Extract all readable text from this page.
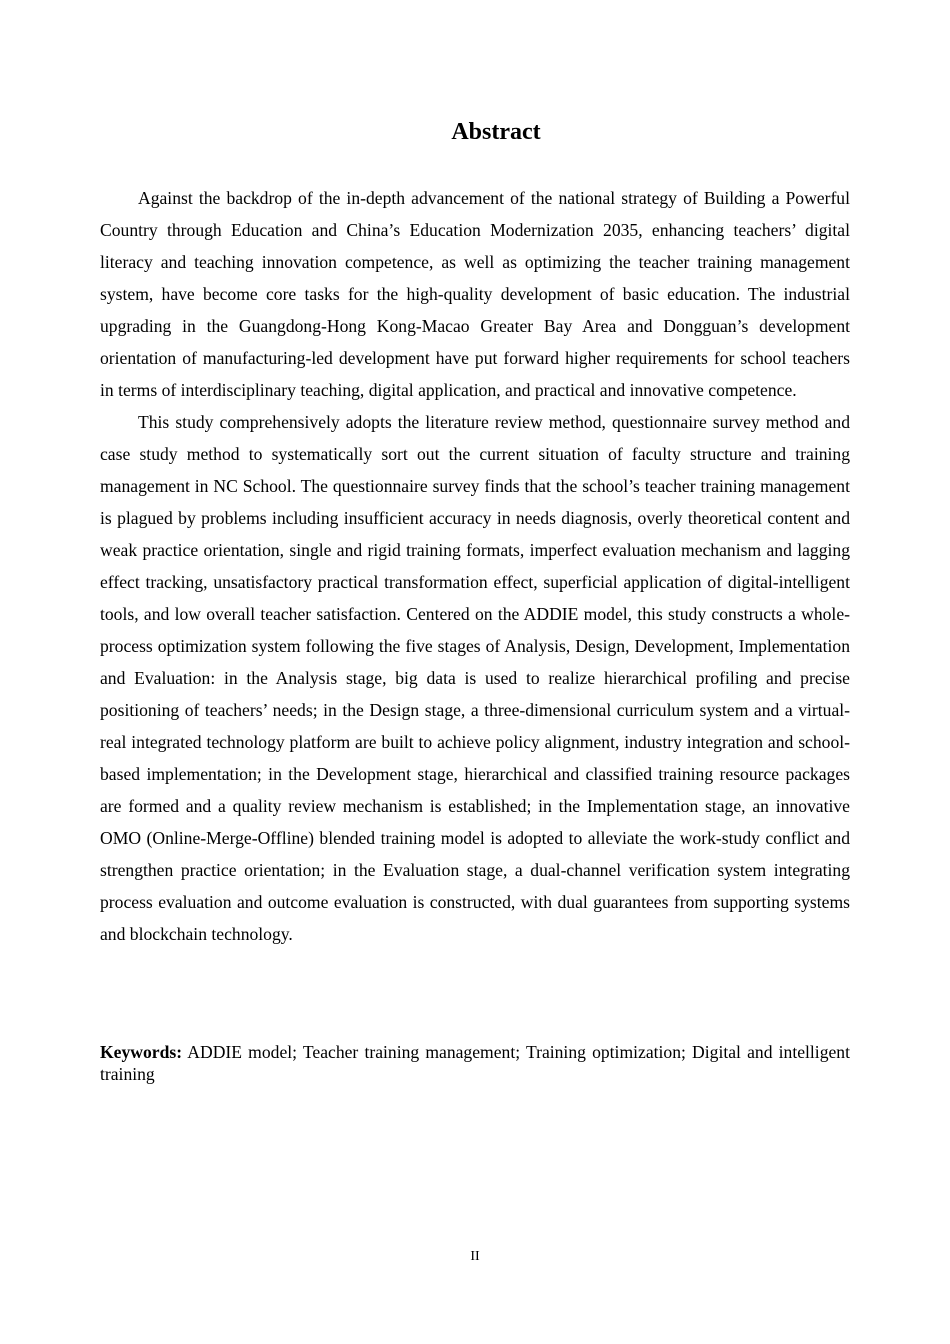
Abstract

Against the backdrop of the in-depth advancement of the national strategy of Building a Powerful Country through Education and China’s Education Modernization 2035, enhancing teachers’ digital literacy and teaching innovation competence, as well as optimizing the teacher training management system, have become core tasks for the high-quality development of basic education. The industrial upgrading in the Guangdong-Hong Kong-Macao Greater Bay Area and Dongguan’s development orientation of manufacturing-led development have put forward higher requirements for school teachers in terms of interdisciplinary teaching, digital application, and practical and innovative competence.

This study comprehensively adopts the literature review method, questionnaire survey method and case study method to systematically sort out the current situation of faculty structure and training management in NC School. The questionnaire survey finds that the school’s teacher training management is plagued by problems including insufficient accuracy in needs diagnosis, overly theoretical content and weak practice orientation, single and rigid training formats, imperfect evaluation mechanism and lagging effect tracking, unsatisfactory practical transformation effect, superficial application of digital-intelligent tools, and low overall teacher satisfaction. Centered on the ADDIE model, this study constructs a whole-process optimization system following the five stages of Analysis, Design, Development, Implementation and Evaluation: in the Analysis stage, big data is used to realize hierarchical profiling and precise positioning of teachers’ needs; in the Design stage, a three-dimensional curriculum system and a virtual-real integrated technology platform are built to achieve policy alignment, industry integration and school-based implementation; in the Development stage, hierarchical and classified training resource packages are formed and a quality review mechanism is established; in the Implementation stage, an innovative OMO (Online-Merge-Offline) blended training model is adopted to alleviate the work-study conflict and strengthen practice orientation; in the Evaluation stage, a dual-channel verification system integrating process evaluation and outcome evaluation is constructed, with dual guarantees from supporting systems and blockchain technology.

Keywords: ADDIE model; Teacher training management; Training optimization; Digital and intelligent training

II
